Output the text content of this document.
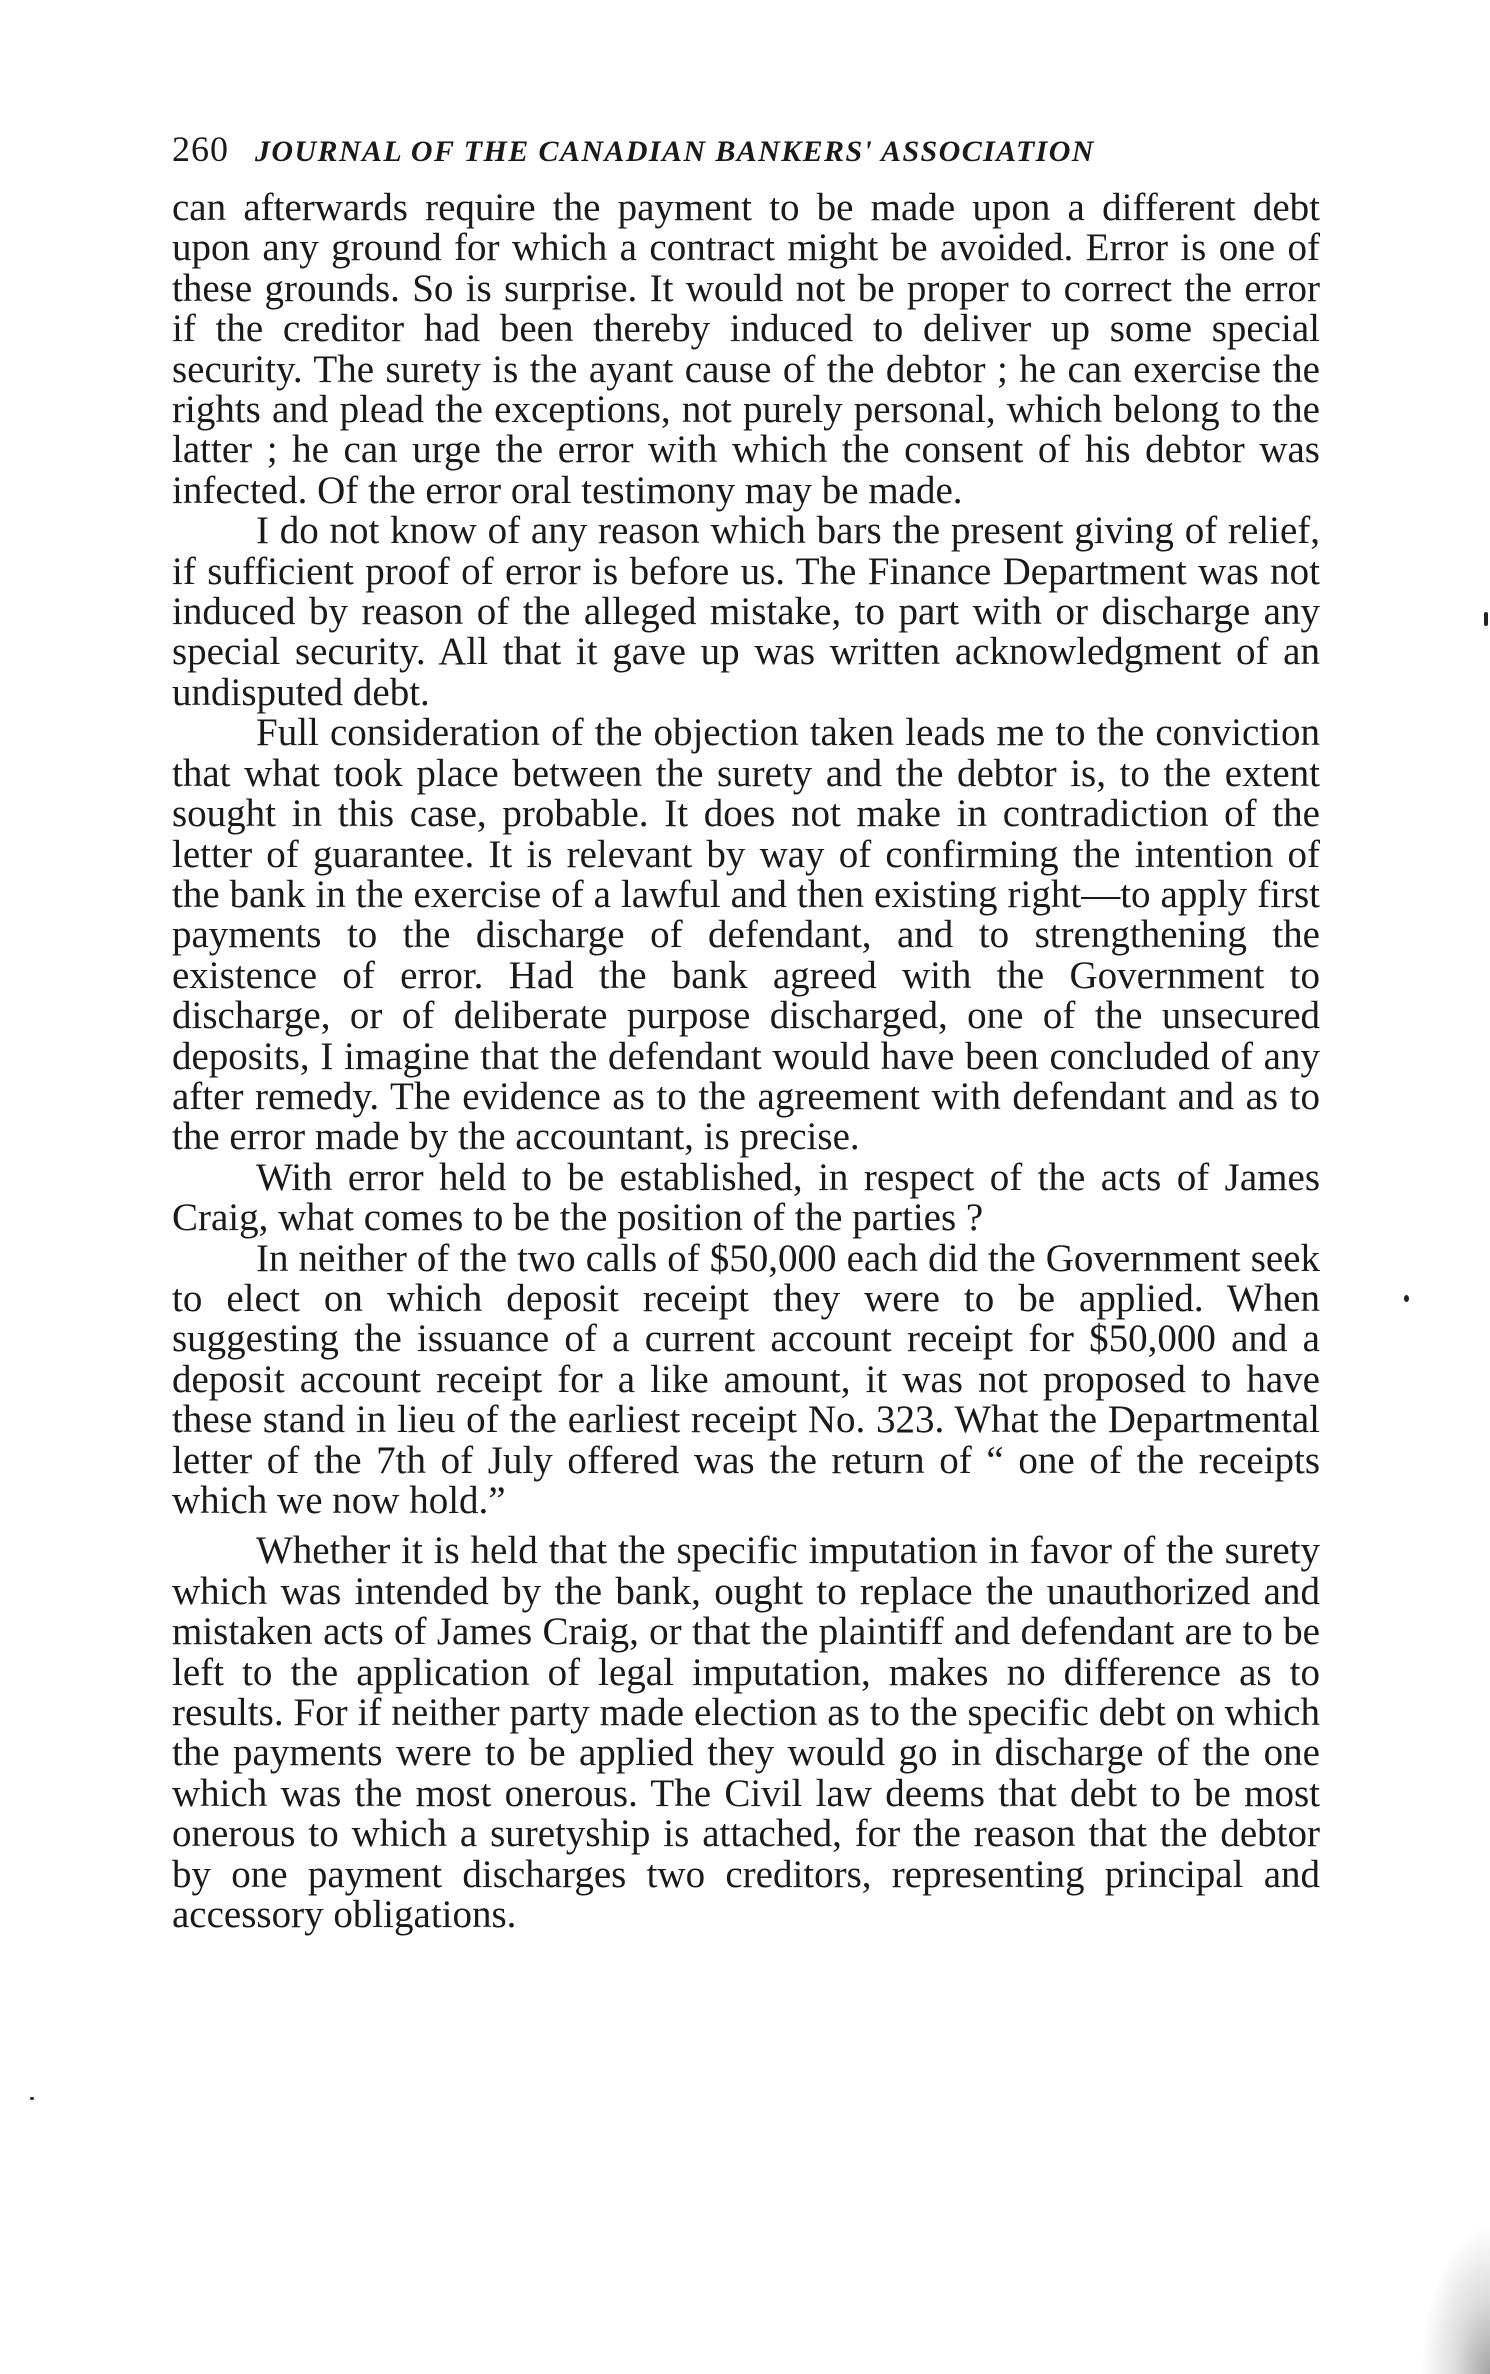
260 JOURNAL OF THE CANADIAN BANKERS' ASSOCIATION

can afterwards require the payment to be made upon a different debt upon any ground for which a contract might be avoided. Error is one of these grounds. So is surprise. It would not be proper to correct the error if the creditor had been thereby induced to deliver up some special security. The surety is the ayant cause of the debtor ; he can exercise the rights and plead the exceptions, not purely personal, which belong to the latter ; he can urge the error with which the consent of his debtor was infected. Of the error oral testimony may be made.

I do not know of any reason which bars the present giving of relief, if sufficient proof of error is before us. The Finance Department was not induced by reason of the alleged mistake, to part with or discharge any special security. All that it gave up was written acknowledgment of an undisputed debt.

Full consideration of the objection taken leads me to the conviction that what took place between the surety and the debtor is, to the extent sought in this case, probable. It does not make in contradiction of the letter of guarantee. It is relevant by way of confirming the intention of the bank in the exercise of a lawful and then existing right—to apply first payments to the discharge of defendant, and to strengthening the existence of error. Had the bank agreed with the Government to discharge, or of deliberate purpose discharged, one of the unsecured deposits, I imagine that the defendant would have been concluded of any after remedy. The evidence as to the agreement with defendant and as to the error made by the accountant, is precise.

With error held to be established, in respect of the acts of James Craig, what comes to be the position of the parties ?

In neither of the two calls of $50,000 each did the Government seek to elect on which deposit receipt they were to be applied. When suggesting the issuance of a current account receipt for $50,000 and a deposit account receipt for a like amount, it was not proposed to have these stand in lieu of the earliest receipt No. 323. What the Departmental letter of the 7th of July offered was the return of “ one of the receipts which we now hold.”

Whether it is held that the specific imputation in favor of the surety which was intended by the bank, ought to replace the unauthorized and mistaken acts of James Craig, or that the plaintiff and defendant are to be left to the application of legal imputation, makes no difference as to results. For if neither party made election as to the specific debt on which the payments were to be applied they would go in discharge of the one which was the most onerous. The Civil law deems that debt to be most onerous to which a suretyship is attached, for the reason that the debtor by one payment discharges two creditors, representing principal and accessory obligations.
